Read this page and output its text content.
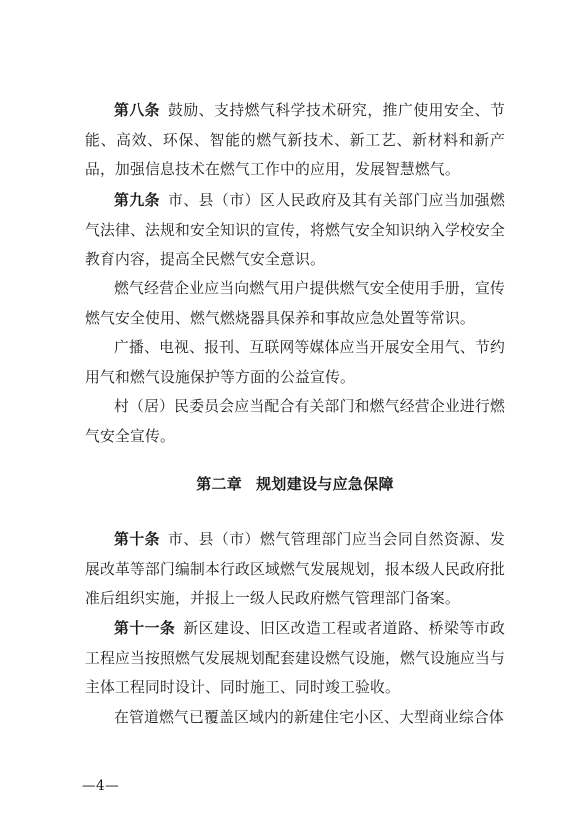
第八条 鼓励、支持燃气科学技术研究，推广使用安全、节能、高效、环保、智能的燃气新技术、新工艺、新材料和新产品，加强信息技术在燃气工作中的应用，发展智慧燃气。

第九条 市、县（市）区人民政府及其有关部门应当加强燃气法律、法规和安全知识的宣传，将燃气安全知识纳入学校安全教育内容，提高全民燃气安全意识。

燃气经营企业应当向燃气用户提供燃气安全使用手册，宣传燃气安全使用、燃气燃烧器具保养和事故应急处置等常识。

广播、电视、报刊、互联网等媒体应当开展安全用气、节约用气和燃气设施保护等方面的公益宣传。

村（居）民委员会应当配合有关部门和燃气经营企业进行燃气安全宣传。

第二章 规划建设与应急保障

第十条 市、县（市）燃气管理部门应当会同自然资源、发展改革等部门编制本行政区域燃气发展规划，报本级人民政府批准后组织实施，并报上一级人民政府燃气管理部门备案。

第十一条 新区建设、旧区改造工程或者道路、桥梁等市政工程应当按照燃气发展规划配套建设燃气设施，燃气设施应当与主体工程同时设计、同时施工、同时竣工验收。

在管道燃气已覆盖区域内的新建住宅小区、大型商业综合体

—4—
